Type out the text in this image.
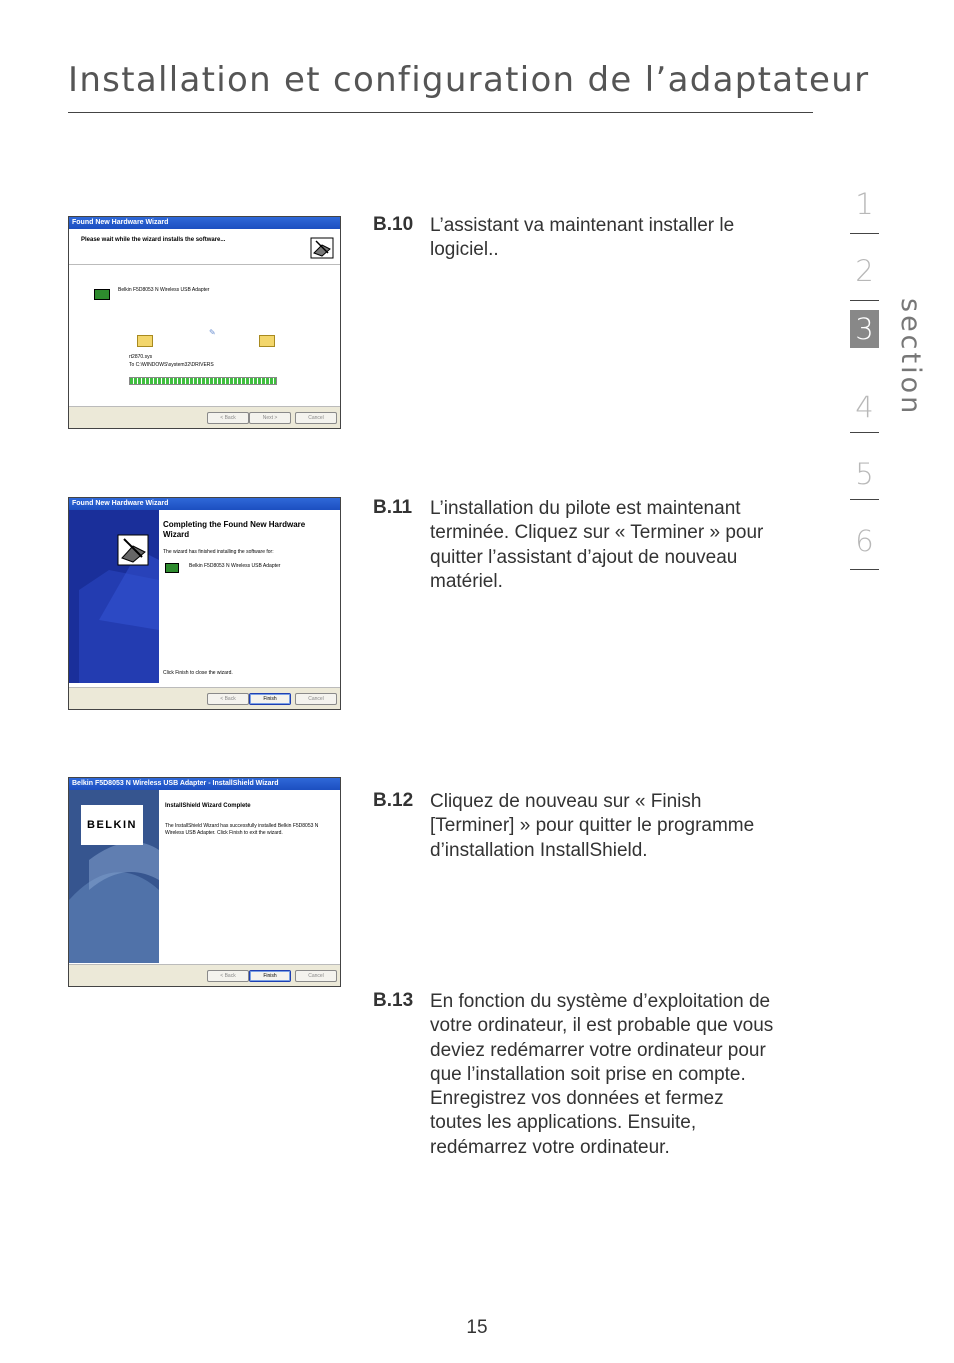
Installation et configuration de l’adaptateur
1
2
3
4
5
6
section
B.10 L’assistant va maintenant installer le logiciel..
B.11 L’installation du pilote est maintenant terminée. Cliquez sur « Terminer » pour quitter l’assistant d’ajout de nouveau matériel.
B.12 Cliquez de nouveau sur « Finish [Terminer] » pour quitter le programme d’installation InstallShield.
B.13 En fonction du système d’exploitation de votre ordinateur, il est probable que vous deviez redémarrer votre ordinateur pour que l’installation soit prise en compte. Enregistrez vos données et fermez toutes les applications. Ensuite, redémarrez votre ordinateur.
Found New Hardware Wizard
Please wait while the wizard installs the software...
Belkin F5D8053 N Wireless USB Adapter
✎
rt2870.sys
To C:\WINDOWS\system32\DRIVERS
< Back	Next >	Cancel
Found New Hardware Wizard
Completing the Found New Hardware Wizard
The wizard has finished installing the software for:
Belkin F5D8053 N Wireless USB Adapter
Click Finish to close the wizard.
< Back	Finish	Cancel
Belkin F5D8053 N Wireless USB Adapter - InstallShield Wizard
BELKIN
InstallShield Wizard Complete
The InstallShield Wizard has successfully installed Belkin F5D8053 N Wireless USB Adapter. Click Finish to exit the wizard.
< Back	Finish	Cancel
15
